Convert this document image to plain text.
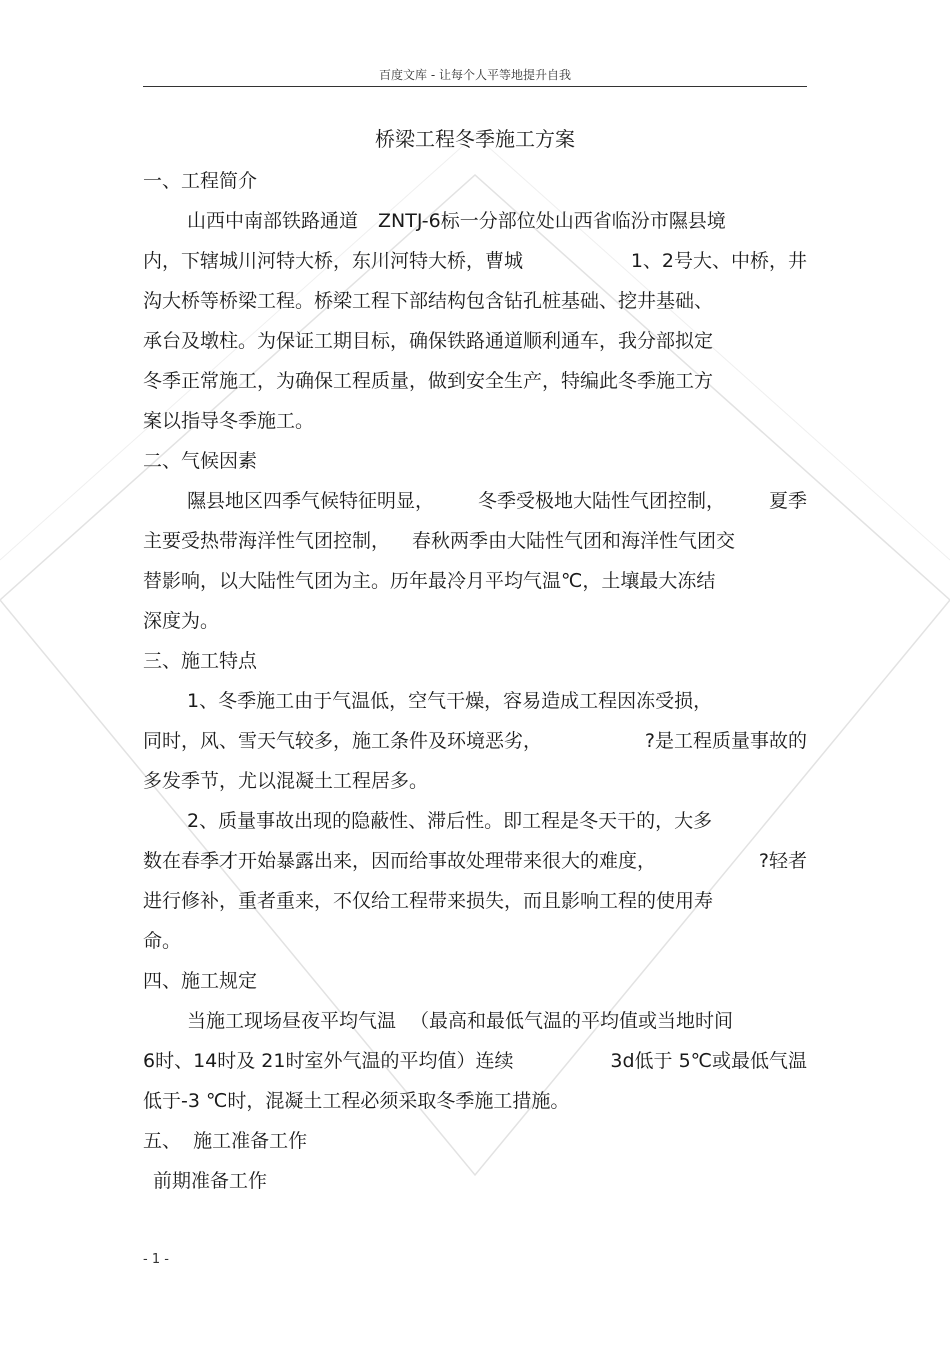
百度文库 - 让每个人平等地提升自我
桥梁工程冬季施工方案
一、工程简介
山西中南部铁路通道 ZNTJ-6标一分部位处山西省临汾市隰县境
内，下辖城川河特大桥，东川河特大桥，曹城	1、2号大、中桥，井
沟大桥等桥梁工程。桥梁工程下部结构包含钻孔桩基础、挖井基础、
承台及墩柱。为保证工期目标，确保铁路通道顺利通车，我分部拟定
冬季正常施工，为确保工程质量，做到安全生产，特编此冬季施工方
案以指导冬季施工。
二、气候因素
隰县地区四季气候特征明显， 冬季受极地大陆性气团控制， 夏季
主要受热带海洋性气团控制， 春秋两季由大陆性气团和海洋性气团交
替影响，以大陆性气团为主。历年最冷月平均气温℃，土壤最大冻结
深度为。
三、施工特点
1、冬季施工由于气温低，空气干燥，容易造成工程因冻受损，
同时，风、雪天气较多，施工条件及环境恶劣，	?是工程质量事故的
多发季节，尤以混凝土工程居多。
2、质量事故出现的隐蔽性、滞后性。即工程是冬天干的，大多
数在春季才开始暴露出来，因而给事故处理带来很大的难度，	?轻者
进行修补，重者重来，不仅给工程带来损失，而且影响工程的使用寿
命。
四、施工规定
当施工现场昼夜平均气温 （最高和最低气温的平均值或当地时间
6时、14时及 21时室外气温的平均值）连续	3d低于 5℃或最低气温
低于-3 ℃时，混凝土工程必须采取冬季施工措施。
五、  施工准备工作
前期准备工作
- 1 -
